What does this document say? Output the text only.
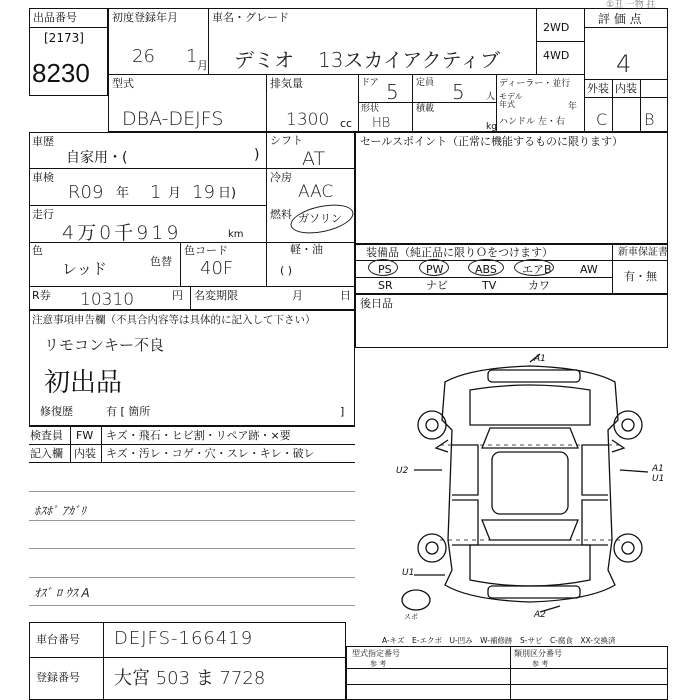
出品番号
[2173]
8230
初度登録年月
26 1 月
車名・グレード
デミオ 13スカイアクティブ
2WD
4WD
評 価 点
①丑 一物 拄
4
型式
DBA-DEJFS
排気量
1300 cc
ドア 5 定員 5 人
形状
HB
積載
kg
ディーラー・並行
モデル 年式	年
ハンドル 左・右
外装 内装
C B
車歴
自家用・(	)
シフト
AT
車検
R09 年 1 月 19 日)
冷房
AAC
走行
4万0千919	km
燃料 ガソリン
軽・油
( )
色
レッド	色替
色コード
40F
R券 10310	円 名変期限	月	日
セールスポイント（正常に機能するものに限ります）
装備品（純正品に限りＯをつけます）	新車保証書
有・無
PS	PW	ABS エアB	AW
SR	ナビ	TV	カワ
後日品
注意事項申告欄（不具合内容等は具体的に記入して下さい）
リモコンキー不良
初出品
修復歴	有 [ 箇所	]
検査員
記入欄
FW キズ・飛石・ヒビ割・リペア跡・×要
内装 キズ・汚レ・コゲ・穴・スレ・キレ・破レ
ﾎｽﾎﾟ ｱｶﾞﾘ
ｵｽﾞ ﾛ ｳｽ A
A1
U2	A1 U1
U1
A2
スポ
A-キズ　E-エクボ　U-凹み　W-補修跡　S-サビ　C-腐食　XX-交換済
車台番号 DEJFS-166419
登録番号 大宮 503 ま 7728
型式指定番号
参 考
類別区分番号
参 考
